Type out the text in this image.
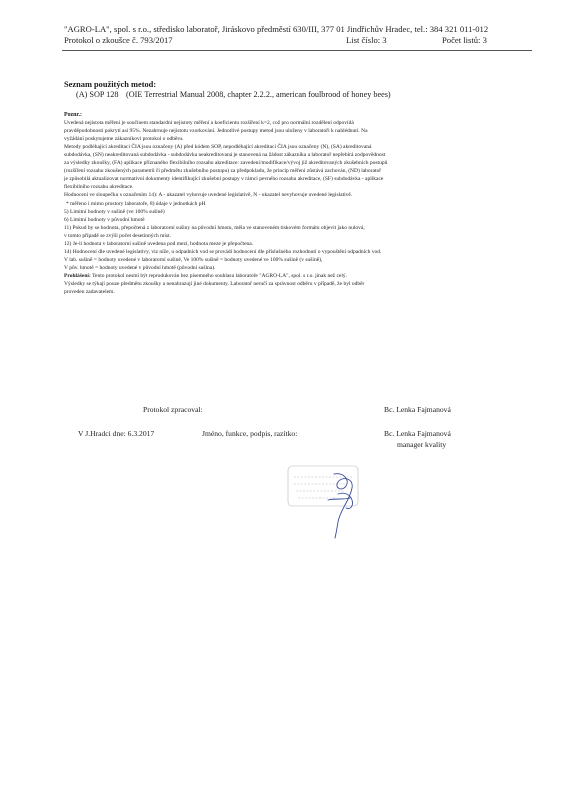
"AGRO-LA", spol. s r.o., středisko laboratoř, Jiráskovo předměstí 630/III, 377 01 Jindřichův Hradec, tel.: 384 321 011-012
Protokol o zkoušce č. 793/2017	List číslo: 3	Počet listů: 3
Seznam použitých metod:
(A) SOP 128 (OIE Terrestrial Manual 2008, chapter 2.2.2., american foulbrood of honey bees)

Poznr.:

Uvedená nejistota měření je součinem standardní nejistoty měření a koeficientu rozšíření k=2, což pro normální rozdělení odpovídá

pravděpodobnosti pokrytí asi 95%. Nezahrnuje nejistotu vzorkování. Jednotlivé postupy metod jsou uloženy v laboratoři k nahlédnutí. Na

vyžádání poskytujeme zákazníkovi protokol o odběru.

Metody podléhající akreditaci ČIA jsou označeny (A) před kódem SOP, nepodléhající akreditaci ČIA jsou označeny (N), (SA) akreditovaná

subdodávka, (SN) neakreditovaná subdodávka - subdodávka neakreditovaná je stanovená na žádost zákazníka a laboratoř nepřebírá zodpovědnost

za výsledky zkoušky, (FA) aplikace příznaného flexibilního rozsahu akreditace: zavedení/modifikace/vývoj již akreditovaných zkušebních postupů

(rozšíření rozsahu zkoušených parametrů či předmětu zkušebního postupu) za předpokladu, že princip měření zůstává zachován, (ND) laboratoř

je způsobilá aktualizovat normativní dokumenty identifikující zkušební postupy v rámci pevného rozsahu akreditace, (SF) subdodávka - aplikace

flexibilního rozsahu akreditace.

Hodnocení ve sloupečku s označením 14): A - ukazatel vyhovuje uvedené legislativě, N - ukazatel nevyhovuje uvedené legislativě.

* měřeno i mimo prostory laboratoře, 8) údaje v jednotkách pH

5) Limitní hodnoty v sušině (ve 100% sušině)

6) Limitní hodnoty v původní hmotě

11) Pokud by se hodnota, přepočtená z laboratorní sušiny na původní hmotu, měla ve stanoveném tiskovém formátu objevit jako nulová,

v tomto případě se zvýší počet desetinných míst.

12) Je-li hodnota v laboratorní sušině uvedena pod mezí, hodnota meze je přepočtena.

14) Hodnocení dle uvedené legislativy, viz níže, u odpadních vod se provádí hodnocení dle příslušného rozhodnutí o vypouštění odpadních vod.

V lab. sušině = hodnoty uvedené v laboratorní sušině, Ve 100% sušině = hodnoty uvedené ve 100% sušině (v sušině),

V pův. hmotě = hodnoty uvedené v původní hmotě (původní sušina).

Prohlášení: Tento protokol nesmí být reprodukován bez písemného souhlasu laboratoře "AGRO-LA", spol. s r.o. jinak než celý.

Výsledky se týkají pouze předmětu zkoušky a nenahrazují jiné dokumenty. Laboratoř neručí za správnost odběru v případě, že byl odběr

proveden zadavatelem.

Protokol zpracoval:	Bc. Lenka Fajmanová
V J.Hradci dne: 6.3.2017	Jméno, funkce, podpis, razítko:	Bc. Lenka Fajmanová
manager kvality
